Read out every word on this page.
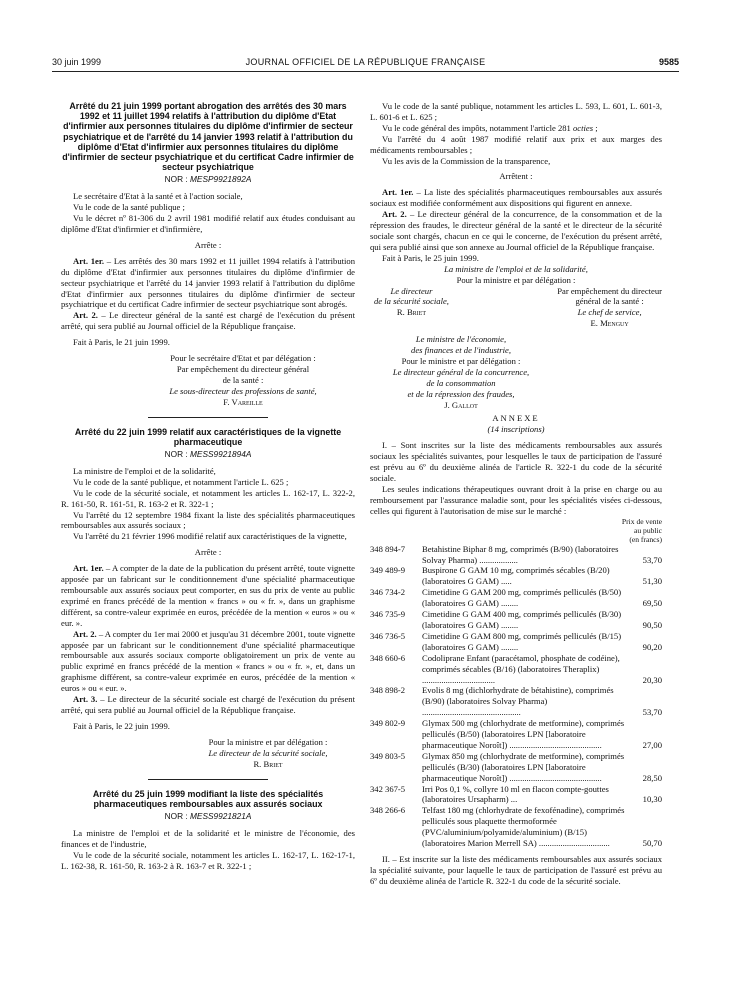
30 juin 1999	JOURNAL OFFICIEL DE LA RÉPUBLIQUE FRANÇAISE	9585
Arrêté du 21 juin 1999 portant abrogation des arrêtés des 30 mars 1992 et 11 juillet 1994 relatifs à l'attribution du diplôme d'Etat d'infirmier aux personnes titulaires du diplôme d'infirmier de secteur psychiatrique et de l'arrêté du 14 janvier 1993 relatif à l'attribution du diplôme d'Etat d'infirmier aux personnes titulaires du diplôme d'infirmier de secteur psychiatrique et du certificat Cadre infirmier de secteur psychiatrique
NOR : MESP9921892A

Le secrétaire d'Etat à la santé et à l'action sociale,

Vu le code de la santé publique ;

Vu le décret nº 81-306 du 2 avril 1981 modifié relatif aux études conduisant au diplôme d'Etat d'infirmier et d'infirmière,

Arrête :

Art. 1er. – Les arrêtés des 30 mars 1992 et 11 juillet 1994 relatifs à l'attribution du diplôme d'Etat d'infirmier aux personnes titulaires du diplôme d'infirmier de secteur psychiatrique et l'arrêté du 14 janvier 1993 relatif à l'attribution du diplôme d'Etat d'infirmier aux personnes titulaires du diplôme d'infirmier de secteur psychiatrique et du certificat Cadre infirmier de secteur psychiatrique sont abrogés.

Art. 2. – Le directeur général de la santé est chargé de l'exécution du présent arrêté, qui sera publié au Journal officiel de la République française.

Fait à Paris, le 21 juin 1999.

Pour le secrétaire d'Etat et par délégation :
Par empêchement du directeur général
de la santé :
Le sous-directeur des professions de santé,
F. Vareille
Arrêté du 22 juin 1999 relatif aux caractéristiques de la vignette pharmaceutique
NOR : MESS9921894A

La ministre de l'emploi et de la solidarité,

Vu le code de la santé publique, et notamment l'article L. 625 ;

Vu le code de la sécurité sociale, et notamment les articles L. 162-17, L. 322-2, R. 161-50, R. 161-51, R. 163-2 et R. 322-1 ;

Vu l'arrêté du 12 septembre 1984 fixant la liste des spécialités pharmaceutiques remboursables aux assurés sociaux ;

Vu l'arrêté du 21 février 1996 modifié relatif aux caractéristiques de la vignette,

Arrête :

Art. 1er. – A compter de la date de la publication du présent arrêté, toute vignette apposée par un fabricant sur le conditionnement d'une spécialité pharmaceutique remboursable aux assurés sociaux peut comporter, en sus du prix de vente au public exprimé en francs précédé de la mention « francs » ou « fr. », dans un graphisme différent, sa contre-valeur exprimée en euros, précédée de la mention « euros » ou « eur. ».

Art. 2. – A compter du 1er mai 2000 et jusqu'au 31 décembre 2001, toute vignette apposée par un fabricant sur le conditionnement d'une spécialité pharmaceutique remboursable aux assurés sociaux comporte obligatoirement un prix de vente au public exprimé en francs précédé de la mention « francs » ou « fr. », et, dans un graphisme différent, sa contre-valeur exprimée en euros, précédée de la mention « euros » ou « eur. ».

Art. 3. – Le directeur de la sécurité sociale est chargé de l'exécution du présent arrêté, qui sera publié au Journal officiel de la République française.

Fait à Paris, le 22 juin 1999.

Pour la ministre et par délégation :
Le directeur de la sécurité sociale,
R. Briet
Arrêté du 25 juin 1999 modifiant la liste des spécialités pharmaceutiques remboursables aux assurés sociaux
NOR : MESS9921821A

La ministre de l'emploi et de la solidarité et le ministre de l'économie, des finances et de l'industrie,

Vu le code de la sécurité sociale, notamment les articles L. 162-17, L. 162-17-1, L. 162-38, R. 161-50, R. 163-2 à R. 163-7 et R. 322-1 ;

Vu le code de la santé publique, notamment les articles L. 593, L. 601, L. 601-3, L. 601-6 et L. 625 ;

Vu le code général des impôts, notamment l'article 281 octies ;

Vu l'arrêté du 4 août 1987 modifié relatif aux prix et aux marges des médicaments remboursables ;

Vu les avis de la Commission de la transparence,

Arrêtent :

Art. 1er. – La liste des spécialités pharmaceutiques remboursables aux assurés sociaux est modifiée conformément aux dispositions qui figurent en annexe.

Art. 2. – Le directeur général de la concurrence, de la consommation et de la répression des fraudes, le directeur général de la santé et le directeur de la sécurité sociale sont chargés, chacun en ce qui le concerne, de l'exécution du présent arrêté, qui sera publié ainsi que son annexe au Journal officiel de la République française.

Fait à Paris, le 25 juin 1999.

La ministre de l'emploi et de la solidarité,
Pour la ministre et par délégation :
Le directeur
de la sécurité sociale,
R. Briet
Par empêchement du directeur
général de la santé :
Le chef de service,
E. Menguy
Le ministre de l'économie,
des finances et de l'industrie,
Pour le ministre et par délégation :
Le directeur général de la concurrence,
de la consommation
et de la répression des fraudes,
J. Gallot
ANNEXE
(14 inscriptions)

I. – Sont inscrites sur la liste des médicaments remboursables aux assurés sociaux les spécialités suivantes, pour lesquelles le taux de participation de l'assuré est prévu au 6º du deuxième alinéa de l'article R. 322-1 du code de la sécurité sociale.

Les seules indications thérapeutiques ouvrant droit à la prise en charge ou au remboursement par l'assurance maladie sont, pour les spécialités visées ci-dessous, celles qui figurent à l'autorisation de mise sur le marché :

Prix de vente
au public
(en francs)
348 894-7	Betahistine Biphar 8 mg, comprimés (B/90) (laboratoires Solvay Pharma) ..................	53,70
349 489-9	Buspirone G GAM 10 mg, comprimés sécables (B/20) (laboratoires G GAM) .....	51,30
346 734-2	Cimetidine G GAM 200 mg, comprimés pelliculés (B/50) (laboratoires G GAM) ........	69,50
346 735-9	Cimetidine G GAM 400 mg, comprimés pelliculés (B/30) (laboratoires G GAM) ........	90,50
346 736-5	Cimetidine G GAM 800 mg, comprimés pelliculés (B/15) (laboratoires G GAM) ........	90,20
348 660-6	Codoliprane Enfant (paracétamol, phosphate de codéine), comprimés sécables (B/16) (laboratoires Theraplix) ..................................	20,30
348 898-2	Evolis 8 mg (dichlorhydrate de bétahistine), comprimés (B/90) (laboratoires Solvay Pharma) ..............................................	53,70
349 802-9	Glymax 500 mg (chlorhydrate de metformine), comprimés pelliculés (B/50) (laboratoires LPN [laboratoire pharmaceutique Noroît]) ...........................................	27,00
349 803-5	Glymax 850 mg (chlorhydrate de metformine), comprimés pelliculés (B/30) (laboratoires LPN [laboratoire pharmaceutique Noroît]) ...........................................	28,50
342 367-5	Irri Pos 0,1 %, collyre 10 ml en flacon compte-gouttes (laboratoires Ursapharm) ...	10,30
348 266-6	Telfast 180 mg (chlorhydrate de fexofénadine), comprimés pelliculés sous plaquette thermoformée (PVC/aluminium/polyamide/aluminium) (B/15) (laboratoires Marion Merrell SA) .................................	50,70

II. – Est inscrite sur la liste des médicaments remboursables aux assurés sociaux la spécialité suivante, pour laquelle le taux de participation de l'assuré est prévu au 6º du deuxième alinéa de l'article R. 322-1 du code de la sécurité sociale.
